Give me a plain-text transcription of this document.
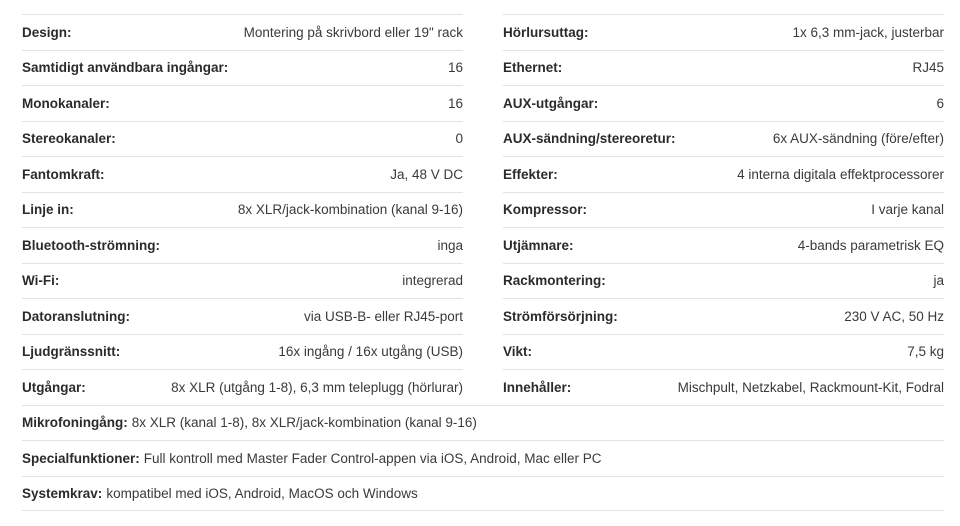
Design:	Montering på skrivbord eller 19" rack
Samtidigt användbara ingångar:	16
Monokanaler:	16
Stereokanaler:	0
Fantomkraft:	Ja, 48 V DC
Linje in:	8x XLR/jack-kombination (kanal 9-16)
Bluetooth-strömning:	inga
Wi-Fi:	integrerad
Datoranslutning:	via USB-B- eller RJ45-port
Ljudgränssnitt:	16x ingång / 16x utgång (USB)
Utgångar:	8x XLR (utgång 1-8), 6,3 mm teleplugg (hörlurar)
Hörlursuttag:	1x 6,3 mm-jack, justerbar
Ethernet:	RJ45
AUX-utgångar:	6
AUX-sändning/stereoretur:	6x AUX-sändning (före/efter)
Effekter:	4 interna digitala effektprocessorer
Kompressor:	I varje kanal
Utjämnare:	4-bands parametrisk EQ
Rackmontering:	ja
Strömförsörjning:	230 V AC, 50 Hz
Vikt:	7,5 kg
Innehåller:	Mischpult, Netzkabel, Rackmount-Kit, Fodral
Mikrofoningång: 8x XLR (kanal 1-8), 8x XLR/jack-kombination (kanal 9-16)
Specialfunktioner: Full kontroll med Master Fader Control-appen via iOS, Android, Mac eller PC
Systemkrav: kompatibel med iOS, Android, MacOS och Windows
